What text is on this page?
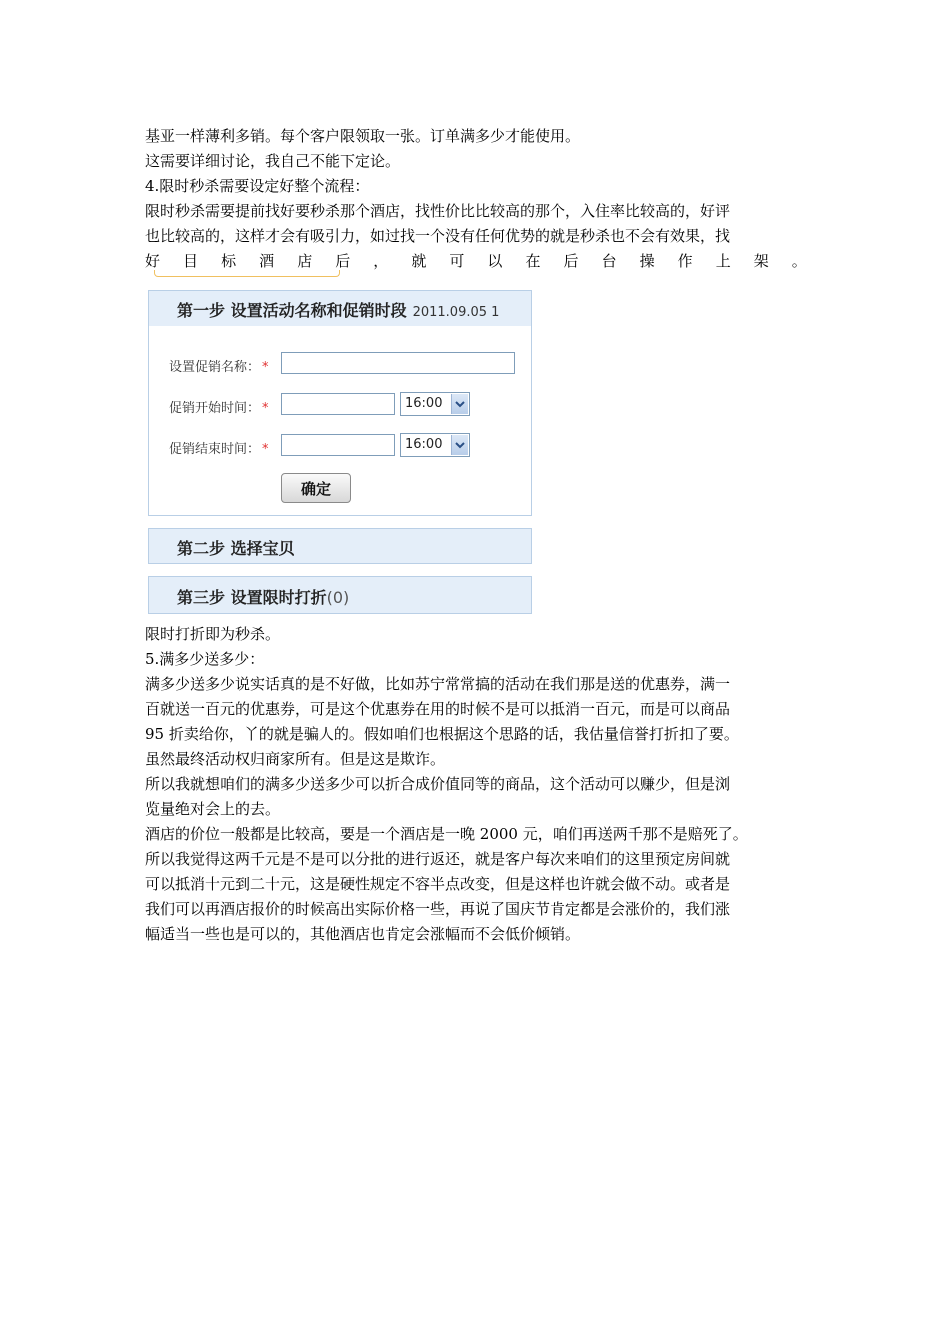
基亚一样薄利多销。每个客户限领取一张。订单满多少才能使用。
这需要详细讨论，我自己不能下定论。
4.限时秒杀需要设定好整个流程：
限时秒杀需要提前找好要秒杀那个酒店，找性价比比较高的那个，入住率比较高的，好评
也比较高的，这样才会有吸引力，如过找一个没有任何优势的就是秒杀也不会有效果，找
好 目 标 酒 店 后 ， 就 可 以 在 后 台 操 作 上 架 。
第一步 设置活动名称和促销时段 2011.09.05 1
设置促销名称： *
促销开始时间： *	16:00
促销结束时间： *	16:00
确定
第二步 选择宝贝
第三步 设置限时打折(0)
限时打折即为秒杀。
5.满多少送多少：
满多少送多少说实话真的是不好做，比如苏宁常常搞的活动在我们那是送的优惠券，满一
百就送一百元的优惠券，可是这个优惠券在用的时候不是可以抵消一百元，而是可以商品
95 折卖给你，丫的就是骗人的。假如咱们也根据这个思路的话，我估量信誉打折扣了要。
虽然最终活动权归商家所有。但是这是欺诈。
所以我就想咱们的满多少送多少可以折合成价值同等的商品，这个活动可以赚少，但是浏
览量绝对会上的去。
酒店的价位一般都是比较高，要是一个酒店是一晚 2000 元，咱们再送两千那不是赔死了。
所以我觉得这两千元是不是可以分批的进行返还，就是客户每次来咱们的这里预定房间就
可以抵消十元到二十元，这是硬性规定不容半点改变，但是这样也许就会做不动。或者是
我们可以再酒店报价的时候高出实际价格一些，再说了国庆节肯定都是会涨价的，我们涨
幅适当一些也是可以的，其他酒店也肯定会涨幅而不会低价倾销。
